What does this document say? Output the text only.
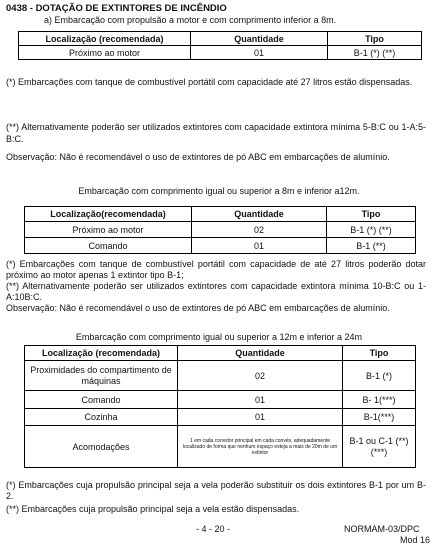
0438 - DOTAÇÃO DE EXTINTORES DE INCÊNDIO
a) Embarcação com propulsão a motor e com comprimento inferior a 8m.
Localização (recomendada)	Quantidade	Tipo
Próximo ao motor	01	B-1 (*) (**)
(*) Embarcações com tanque de combustível portátil com capacidade até 27 litros estão dispensadas.
(**) Alternativamente poderão ser utilizados extintores com capacidade extintora mínima 5-B:C ou 1-A:5-B:C.
Observação: Não é recomendável o uso de extintores de pó ABC em embarcações de alumínio.
Embarcação com comprimento igual ou superior a 8m e inferior a12m.
Localização(recomendada)	Quantidade	Tipo
Próximo ao motor	02	B-1 (*) (**)
Comando	01	B-1 (**)
(*) Embarcações com tanque de combustível portátil com capacidade de até 27 litros poderão dotar próximo ao motor apenas 1 extintor tipo B-1;
(**) Alternativamente poderão ser utilizados extintores com capacidade extintora mínima 10-B:C ou 1-A:10B:C.
Observação: Não é recomendável o uso de extintores de pó ABC em embarcações de alumínio.
Embarcação com comprimento igual ou superior a 12m e inferior a 24m
Localização (recomendada)	Quantidade	Tipo
Proximidades do compartimento de máquinas	02	B-1 (*)
Comando	01	B- 1(***)
Cozinha	01	B-1(***)
Acomodações	1 em cada corredor principal em cada convés, adequadamente localizado de forma que nenhum espaço esteja a mais de 20m de um extintor	B-1 ou C-1 (**) (***)
(*) Embarcações cuja propulsão principal seja a vela poderão substituir os dois extintores B-1 por um B-2.
(**) Embarcações cuja propulsão principal seja a vela estão dispensadas.
- 4 - 20 -	NORMAM-03/DPC
Mod 16
